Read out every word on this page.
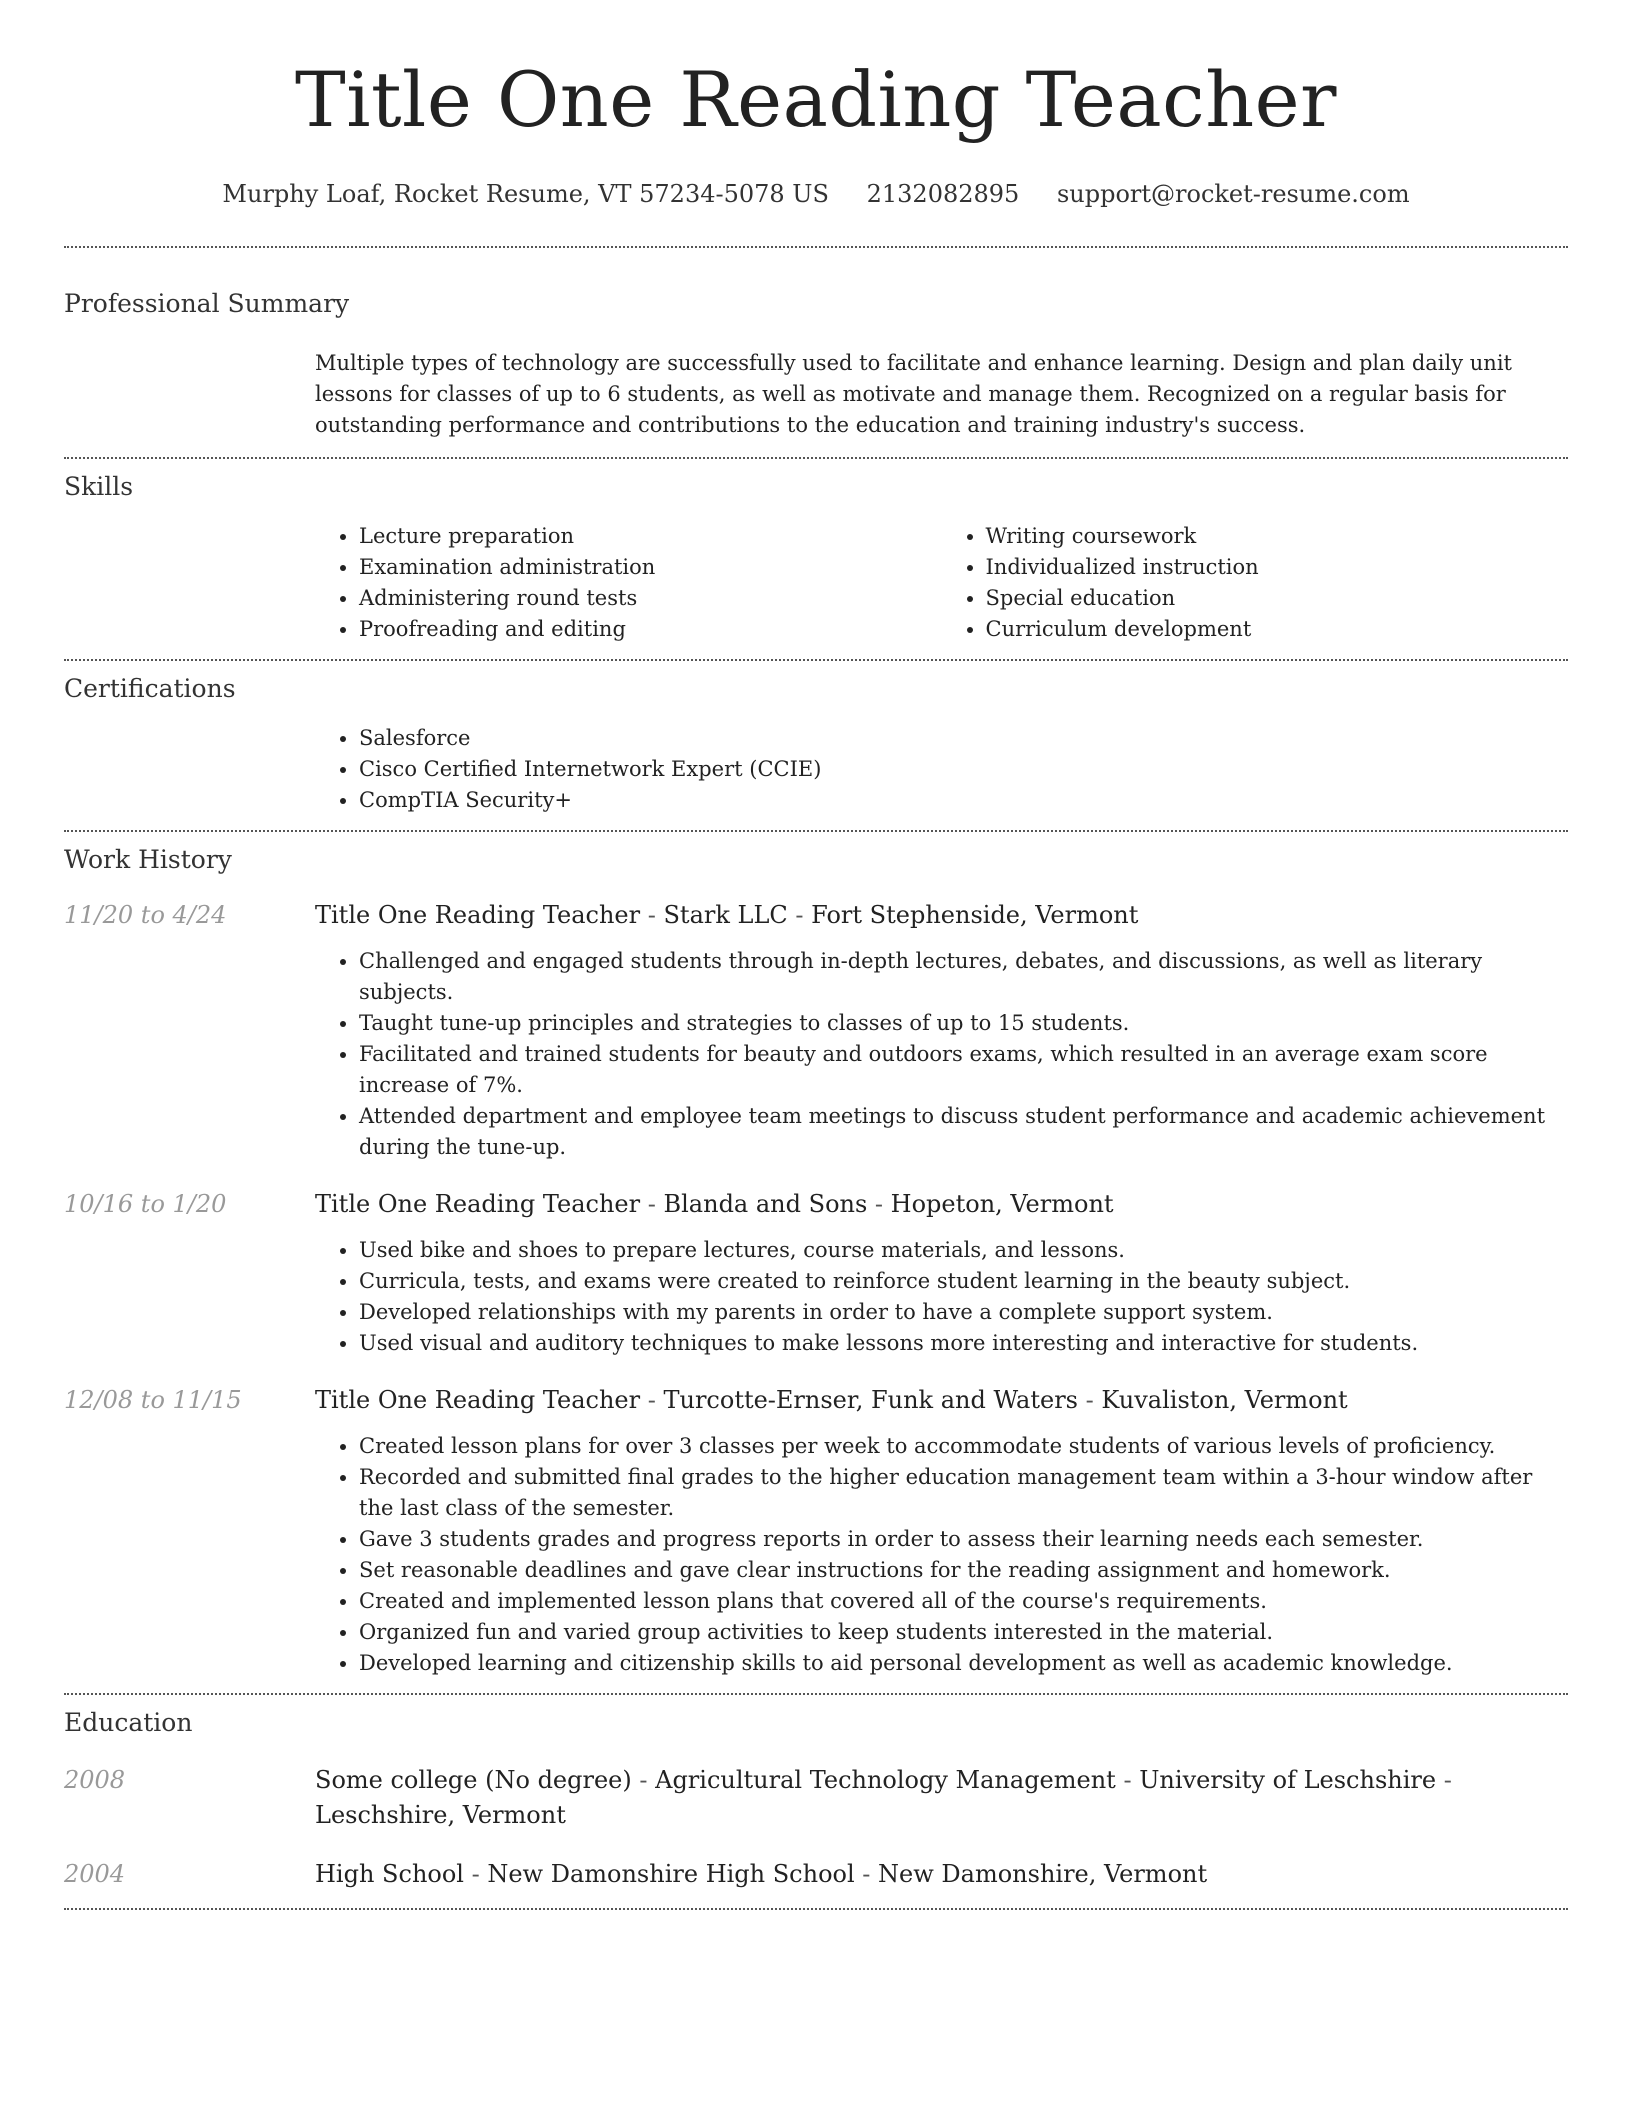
Title One Reading Teacher
Murphy Loaf, Rocket Resume, VT 57234-5078 US 2132082895 support@rocket-resume.com
Professional Summary

Multiple types of technology are successfully used to facilitate and enhance learning. Design and plan daily unit lessons for classes of up to 6 students, as well as motivate and manage them. Recognized on a regular basis for outstanding performance and contributions to the education and training industry's success.

Skills
• Lecture preparation
• Examination administration
• Administering round tests
• Proofreading and editing
• Writing coursework
• Individualized instruction
• Special education
• Curriculum development
Certifications
• Salesforce
• Cisco Certified Internetwork Expert (CCIE)
• CompTIA Security+
Work History
11/20 to 4/24	Title One Reading Teacher - Stark LLC - Fort Stephenside, Vermont
• Challenged and engaged students through in-depth lectures, debates, and discussions, as well as literary subjects.
• Taught tune-up principles and strategies to classes of up to 15 students.
• Facilitated and trained students for beauty and outdoors exams, which resulted in an average exam score increase of 7%.
• Attended department and employee team meetings to discuss student performance and academic achievement during the tune-up.
10/16 to 1/20	Title One Reading Teacher - Blanda and Sons - Hopeton, Vermont
• Used bike and shoes to prepare lectures, course materials, and lessons.
• Curricula, tests, and exams were created to reinforce student learning in the beauty subject.
• Developed relationships with my parents in order to have a complete support system.
• Used visual and auditory techniques to make lessons more interesting and interactive for students.
12/08 to 11/15	Title One Reading Teacher - Turcotte-Ernser, Funk and Waters - Kuvaliston, Vermont
• Created lesson plans for over 3 classes per week to accommodate students of various levels of proficiency.
• Recorded and submitted final grades to the higher education management team within a 3-hour window after the last class of the semester.
• Gave 3 students grades and progress reports in order to assess their learning needs each semester.
• Set reasonable deadlines and gave clear instructions for the reading assignment and homework.
• Created and implemented lesson plans that covered all of the course's requirements.
• Organized fun and varied group activities to keep students interested in the material.
• Developed learning and citizenship skills to aid personal development as well as academic knowledge.
Education
2008	Some college (No degree) - Agricultural Technology Management - University of Leschshire - Leschshire, Vermont
2004	High School - New Damonshire High School - New Damonshire, Vermont
